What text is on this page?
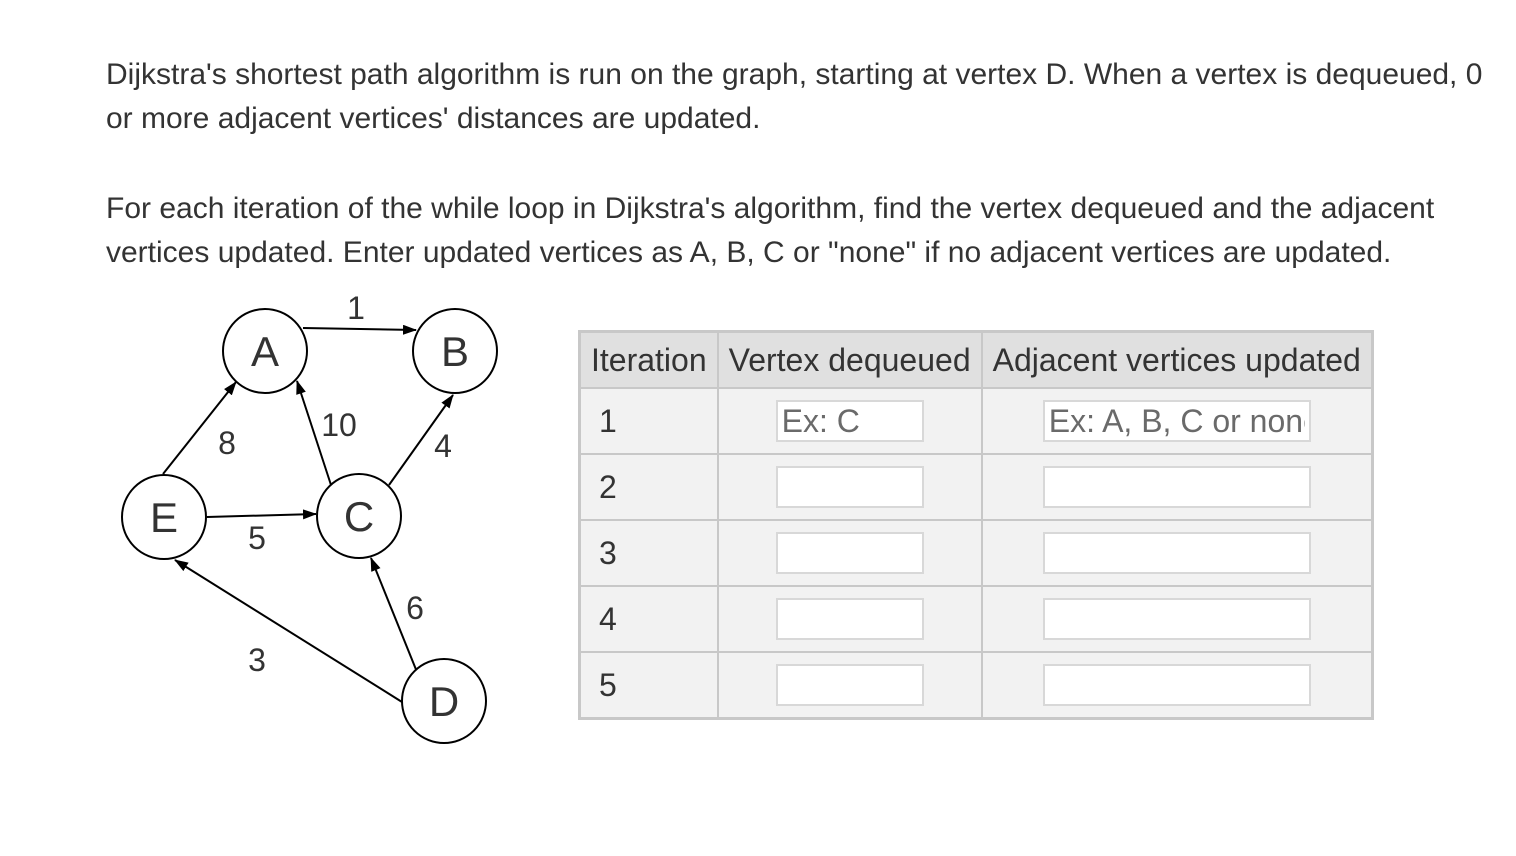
Dijkstra's shortest path algorithm is run on the graph, starting at vertex D. When a vertex is dequeued, 0 or more adjacent vertices' distances are updated.

For each iteration of the while loop in Dijkstra's algorithm, find the vertex dequeued and the adjacent vertices updated. Enter updated vertices as A, B, C or "none" if no adjacent vertices are updated.

1
8	10
4
5
6
3
A	B
C
D
E
Iteration	Vertex dequeued	Adjacent vertices updated
1	Ex: C	Ex: A, B, C or none
2		
3		
4		
5		
